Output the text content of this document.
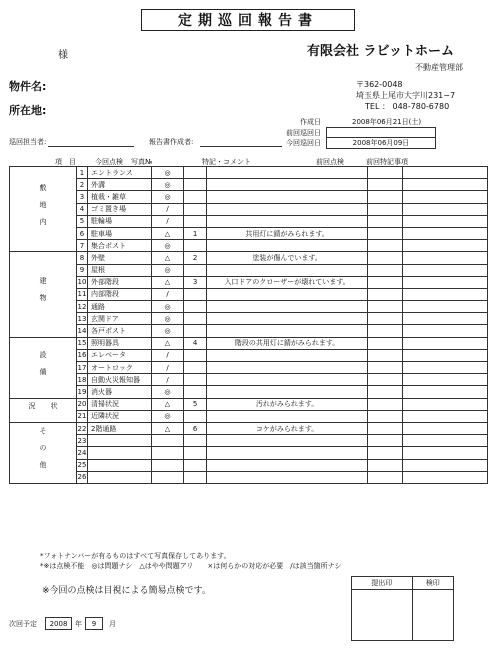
定期巡回報告書
様
物件名:
所在地:
有限会社 ラビットホーム
不動産管理部
〒362-0048
埼玉県上尾市大字川231−7
TEL ： 048-780-6780
作成日	2008年06月21日(土)
前回巡回日
今回巡回日	2008年06月09日
巡回担当者:	報告書作成者:
項　目	今回点検 写真№	特記・コメント	前回点検	前回特記事項
敷地内	1	エントランス	◎				
	2	外溝	◎				
	3	植栽・雑草	◎				
	4	ゴミ置き場	/				
	5	駐輪場	/				
	6	駐車場	△	1	共用灯に錆がみられます。		
	7	集合ポスト	◎				
建物	8	外壁	△	2	塗装が傷んでいます。		
	9	屋根	◎				
	10	外部階段	△	3	入口ドアのクローザーが壊れています。		
	11	内部階段	/				
	12	通路	◎				
	13	玄関ドア	◎				
	14	各戸ポスト	◎				
設備	15	照明器具	△	4	階段の共用灯に錆がみられます。		
	16	エレベータ	/				
	17	オートロック	/				
	18	自動火災報知器	/				
	19	消火器	◎				
状況	20	清掃状況	△	5	汚れがみられます。		
	21	近隣状況	◎				
その他	22	2階通路	△	6	コケがみられます。		
	23						
	24						
	25						
	26						
*フォトナンバーが有るものはすべて写真保存してあります。
*※は点検不能　◎は問題ナシ　△はやや問題アリ　　×は何らかの対応が必要　/は該当箇所ナシ
※今回の点検は目視による簡易点検です。
提出印	検印

次回予定 2008 年 9 月
